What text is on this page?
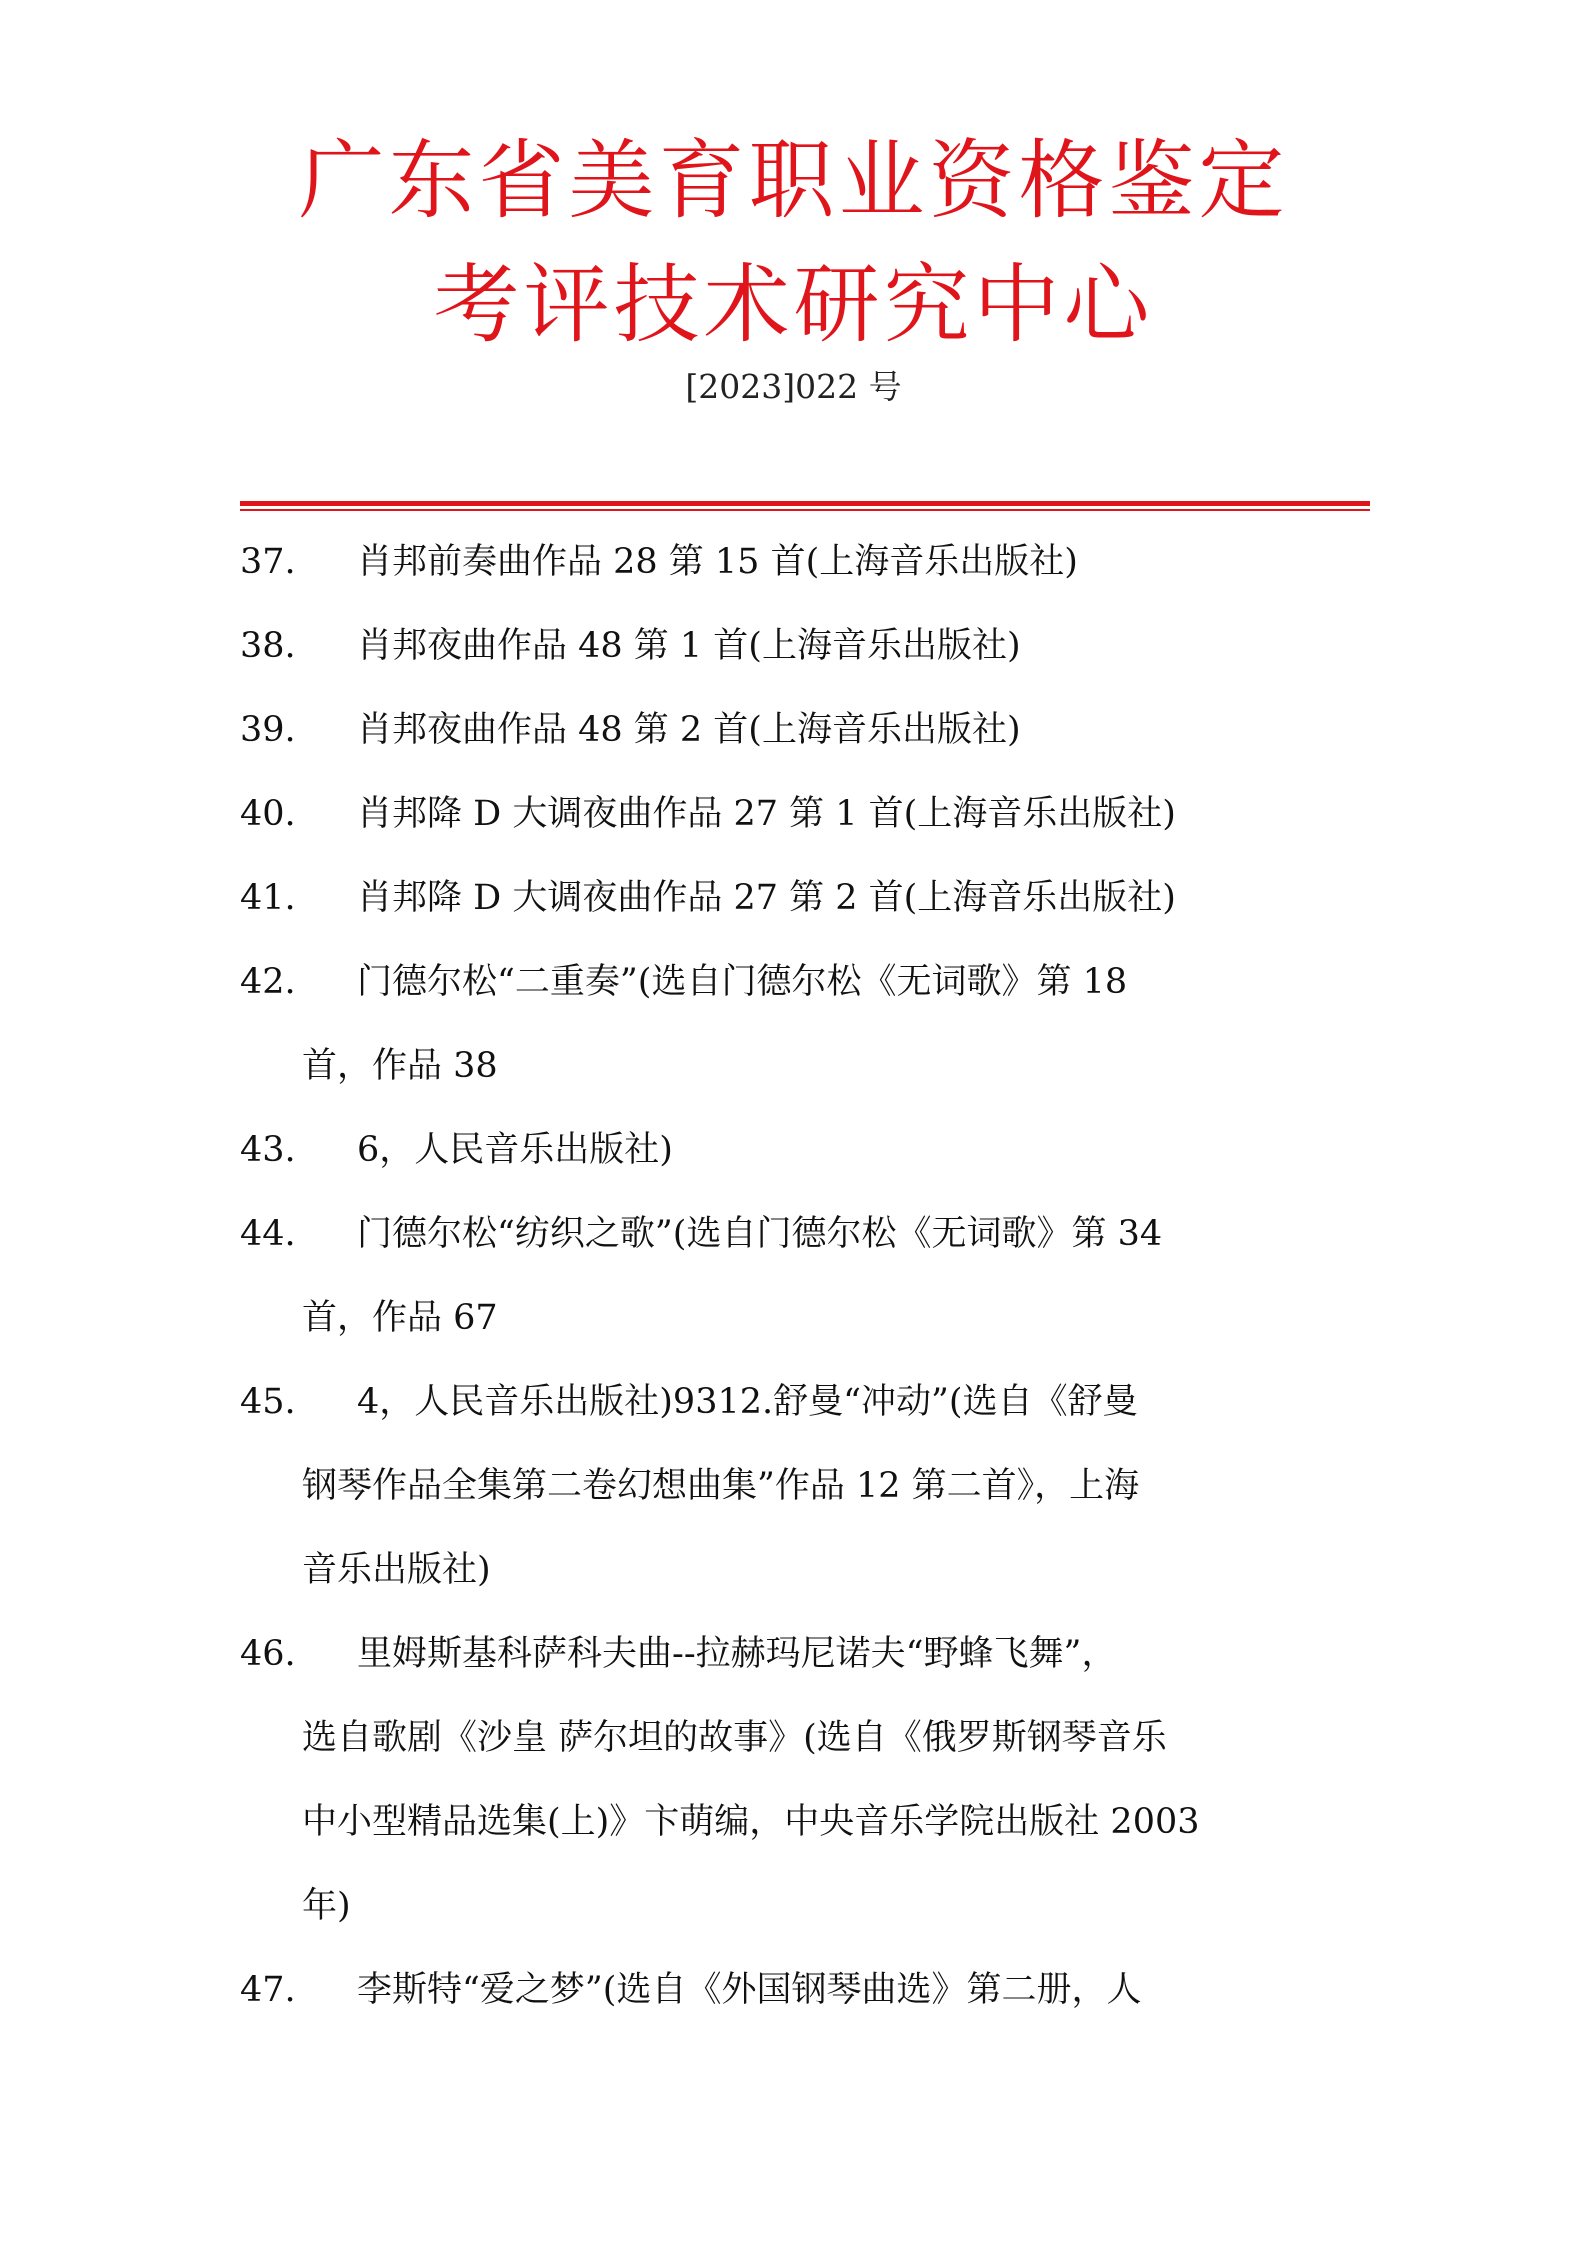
广东省美育职业资格鉴定
考评技术研究中心
[2023]022 号
37. 肖邦前奏曲作品 28 第 15 首(上海音乐出版社)
38. 肖邦夜曲作品 48 第 1 首(上海音乐出版社)
39. 肖邦夜曲作品 48 第 2 首(上海音乐出版社)
40. 肖邦降 D 大调夜曲作品 27 第 1 首(上海音乐出版社)
41. 肖邦降 D 大调夜曲作品 27 第 2 首(上海音乐出版社)
42. 门德尔松“二重奏”(选自门德尔松《无词歌》第 18
首，作品 38
43. 6，人民音乐出版社)
44. 门德尔松“纺织之歌”(选自门德尔松《无词歌》第 34
首，作品 67
45. 4，人民音乐出版社)9312.舒曼“冲动”(选自《舒曼
钢琴作品全集第二卷幻想曲集”作品 12 第二首》，上海
音乐出版社)
46. 里姆斯基科萨科夫曲--拉赫玛尼诺夫“野蜂飞舞”，
选自歌剧《沙皇 萨尔坦的故事》(选自《俄罗斯钢琴音乐
中小型精品选集(上)》卞萌编，中央音乐学院出版社 2003
年)
47. 李斯特“爱之梦”(选自《外国钢琴曲选》第二册，人
